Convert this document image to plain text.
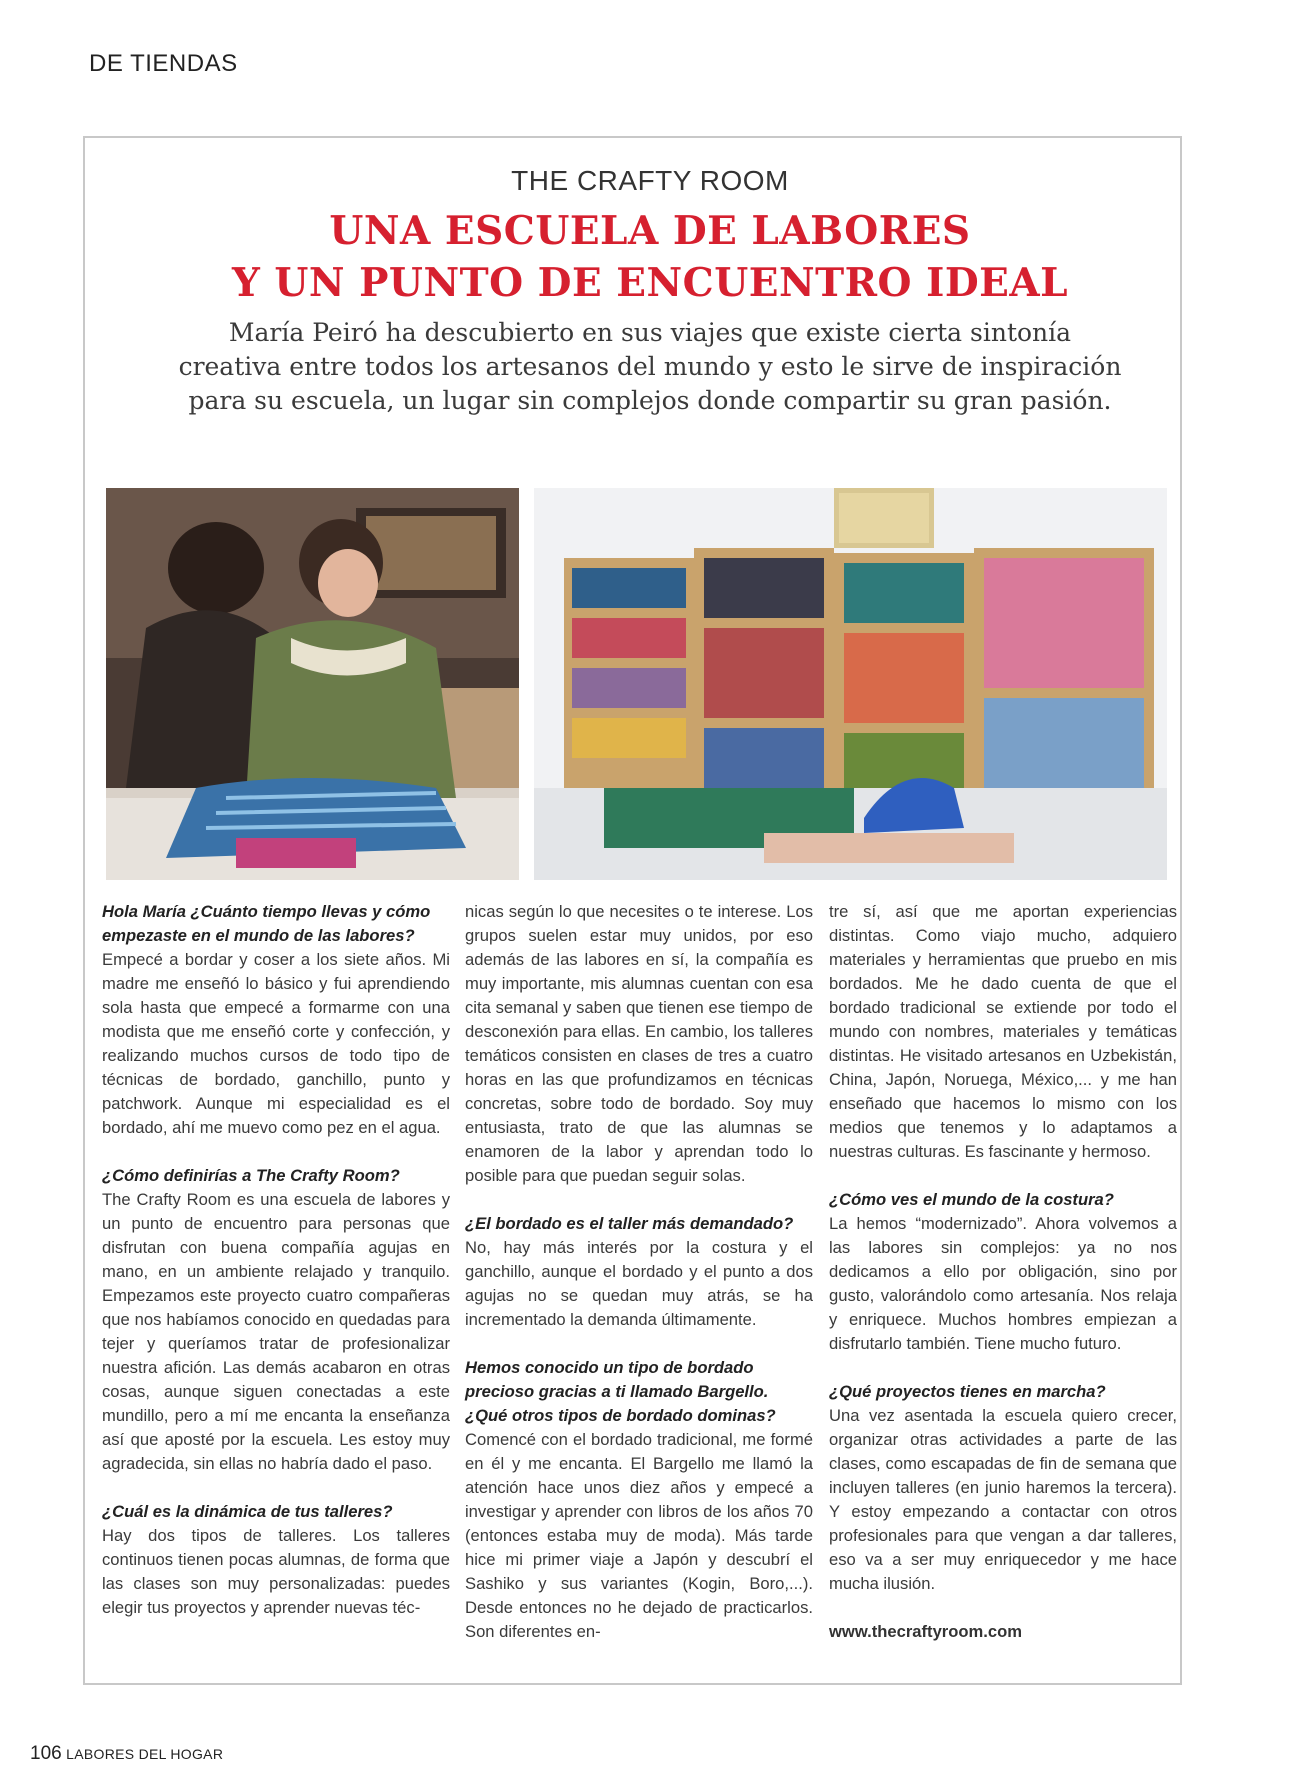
DE TIENDAS
THE CRAFTY ROOM
UNA ESCUELA DE LABORES
Y UN PUNTO DE ENCUENTRO IDEAL
María Peiró ha descubierto en sus viajes que existe cierta sintonía
creativa entre todos los artesanos del mundo y esto le sirve de inspiración
para su escuela, un lugar sin complejos donde compartir su gran pasión.

Hola María ¿Cuánto tiempo llevas y cómo empezaste en el mundo de las labores?

Empecé a bordar y coser a los siete años. Mi madre me enseñó lo básico y fui aprendiendo sola hasta que empecé a formarme con una modista que me enseñó corte y confección, y realizando muchos cursos de todo tipo de técnicas de bordado, ganchillo, punto y patchwork. Aunque mi especialidad es el bordado, ahí me muevo como pez en el agua.

¿Cómo definirías a The Crafty Room?

The Crafty Room es una escuela de labores y un punto de encuentro para personas que disfrutan con buena compañía agujas en mano, en un ambiente relajado y tranquilo. Empezamos este proyecto cuatro compañeras que nos habíamos conocido en quedadas para tejer y queríamos tratar de profesionalizar nuestra afición. Las demás acabaron en otras cosas, aunque siguen conectadas a este mundillo, pero a mí me encanta la enseñanza así que aposté por la escuela. Les estoy muy agradecida, sin ellas no habría dado el paso.

¿Cuál es la dinámica de tus talleres?

Hay dos tipos de talleres. Los talleres continuos tienen pocas alumnas, de forma que las clases son muy personalizadas: puedes elegir tus proyectos y aprender nuevas téc-

nicas según lo que necesites o te interese. Los grupos suelen estar muy unidos, por eso además de las labores en sí, la compañía es muy importante, mis alumnas cuentan con esa cita semanal y saben que tienen ese tiempo de desconexión para ellas. En cambio, los talleres temáticos consisten en clases de tres a cuatro horas en las que profundizamos en técnicas concretas, sobre todo de bordado. Soy muy entusiasta, trato de que las alumnas se enamoren de la labor y aprendan todo lo posible para que puedan seguir solas.

¿El bordado es el taller más demandado?

No, hay más interés por la costura y el ganchillo, aunque el bordado y el punto a dos agujas no se quedan muy atrás, se ha incrementado la demanda últimamente.

Hemos conocido un tipo de bordado precioso gracias a ti llamado Bargello. ¿Qué otros tipos de bordado dominas?

Comencé con el bordado tradicional, me formé en él y me encanta. El Bargello me llamó la atención hace unos diez años y empecé a investigar y aprender con libros de los años 70 (entonces estaba muy de moda). Más tarde hice mi primer viaje a Japón y descubrí el Sashiko y sus variantes (Kogin, Boro,...). Desde entonces no he dejado de practicarlos. Son diferentes en-

tre sí, así que me aportan experiencias distintas. Como viajo mucho, adquiero materiales y herramientas que pruebo en mis bordados. Me he dado cuenta de que el bordado tradicional se extiende por todo el mundo con nombres, materiales y temáticas distintas. He visitado artesanos en Uzbekistán, China, Japón, Noruega, México,... y me han enseñado que hacemos lo mismo con los medios que tenemos y lo adaptamos a nuestras culturas. Es fascinante y hermoso.

¿Cómo ves el mundo de la costura?

La hemos “modernizado”. Ahora volvemos a las labores sin complejos: ya no nos dedicamos a ello por obligación, sino por gusto, valorándolo como artesanía. Nos relaja y enriquece. Muchos hombres empiezan a disfrutarlo también. Tiene mucho futuro.

¿Qué proyectos tienes en marcha?

Una vez asentada la escuela quiero crecer, organizar otras actividades a parte de las clases, como escapadas de fin de semana que incluyen talleres (en junio haremos la tercera). Y estoy empezando a contactar con otros profesionales para que vengan a dar talleres, eso va a ser muy enriquecedor y me hace mucha ilusión.

www.thecraftyroom.com

106 LABORES DEL HOGAR
